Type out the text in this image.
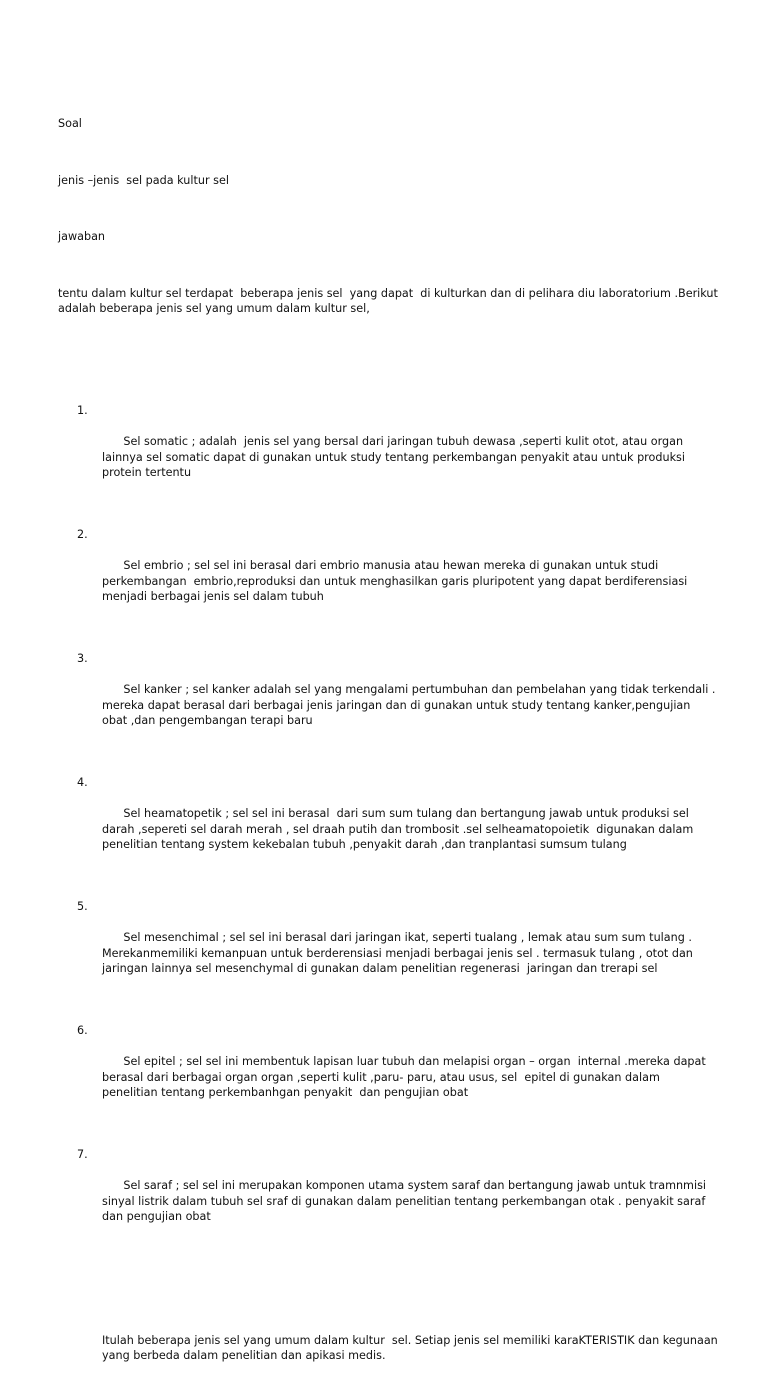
Soal

jenis –jenis  sel pada kultur sel

jawaban

tentu dalam kultur sel terdapat  beberapa jenis sel  yang dapat  di kulturkan dan di pelihara diu laboratorium .Berikut adalah beberapa jenis sel yang umum dalam kultur sel,

1.

Sel somatic ; adalah  jenis sel yang bersal dari jaringan tubuh dewasa ,seperti kulit otot, atau organ lainnya sel somatic dapat di gunakan untuk study tentang perkembangan penyakit atau untuk produksi protein tertentu

2.

Sel embrio ; sel sel ini berasal dari embrio manusia atau hewan mereka di gunakan untuk studi perkembangan  embrio,reproduksi dan untuk menghasilkan garis pluripotent yang dapat berdiferensiasi menjadi berbagai jenis sel dalam tubuh

3.

Sel kanker ; sel kanker adalah sel yang mengalami pertumbuhan dan pembelahan yang tidak terkendali . mereka dapat berasal dari berbagai jenis jaringan dan di gunakan untuk study tentang kanker,pengujian obat ,dan pengembangan terapi baru

4.

Sel heamatopetik ; sel sel ini berasal  dari sum sum tulang dan bertangung jawab untuk produksi sel darah ,sepereti sel darah merah , sel draah putih dan trombosit .sel selheamatopoietik  digunakan dalam penelitian tentang system kekebalan tubuh ,penyakit darah ,dan tranplantasi sumsum tulang

5.

Sel mesenchimal ; sel sel ini berasal dari jaringan ikat, seperti tualang , lemak atau sum sum tulang . Merekanmemiliki kemanpuan untuk berderensiasi menjadi berbagai jenis sel . termasuk tulang , otot dan jaringan lainnya sel mesenchymal di gunakan dalam penelitian regenerasi  jaringan dan trerapi sel

6.

Sel epitel ; sel sel ini membentuk lapisan luar tubuh dan melapisi organ – organ  internal .mereka dapat berasal dari berbagai organ organ ,seperti kulit ,paru- paru, atau usus, sel  epitel di gunakan dalam penelitian tentang perkembanhgan penyakit  dan pengujian obat

7.

Sel saraf ; sel sel ini merupakan komponen utama system saraf dan bertangung jawab untuk tramnmisi sinyal listrik dalam tubuh sel sraf di gunakan dalam penelitian tentang perkembangan otak . penyakit saraf dan pengujian obat

Itulah beberapa jenis sel yang umum dalam kultur  sel. Setiap jenis sel memiliki karaKTERISTIK dan kegunaan yang berbeda dalam penelitian dan apikasi medis.
